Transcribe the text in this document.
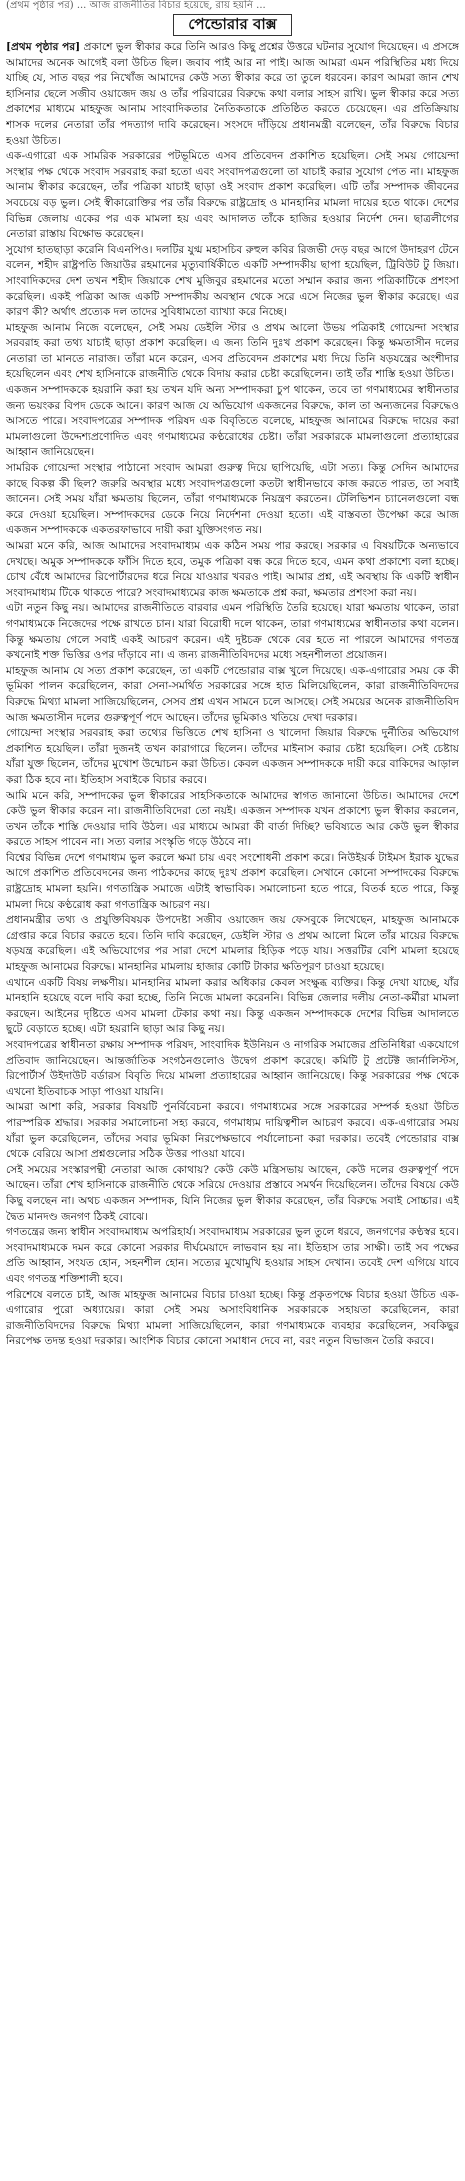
(প্রথম পৃষ্ঠার পর) ... আজ রাজনীতির বিচার হয়েছে, রায় হয়নি ...
পেন্ডোরার বাক্স

[প্রথম পৃষ্ঠার পর] প্রকাশে ভুল স্বীকার করে তিনি আরও কিছু প্রশ্নের উত্তরে ঘটনার সুযোগ দিয়েছেন। এ প্রসঙ্গে আমাদের অনেক আগেই বলা উচিত ছিল। জবাব পাই আর না পাই। আজ আমরা এমন পরিস্থিতির মধ্য দিয়ে যাচ্ছি যে, সাত বছর পর নিখোঁজ আমাদের কেউ সত্য স্বীকার করে তা তুলে ধরবেন। কারণ আমরা জান শেখ হাসিনার ছেলে সজীব ওয়াজেদ জয় ও তাঁর পরিবারের বিরুদ্ধে কথা বলার সাহস রাখি। ভুল স্বীকার করে সত্য প্রকাশের মাধ্যমে মাহফুজ আনাম সাংবাদিকতার নৈতিকতাকে প্রতিষ্ঠিত করতে চেয়েছেন। এর প্রতিক্রিয়ায় শাসক দলের নেতারা তাঁর পদত্যাগ দাবি করেছেন। সংসদে দাঁড়িয়ে প্রধানমন্ত্রী বলেছেন, তাঁর বিরুদ্ধে বিচার হওয়া উচিত।

এক-এগারো এক সামরিক সরকারের পটভূমিতে এসব প্রতিবেদন প্রকাশিত হয়েছিল। সেই সময় গোয়েন্দা সংস্থার পক্ষ থেকে সংবাদ সরবরাহ করা হতো এবং সংবাদপত্রগুলো তা যাচাই করার সুযোগ পেত না। মাহফুজ আনাম স্বীকার করেছেন, তাঁর পত্রিকা যাচাই ছাড়া ওই সংবাদ প্রকাশ করেছিল। এটি তাঁর সম্পাদক জীবনের সবচেয়ে বড় ভুল। সেই স্বীকারোক্তির পর তাঁর বিরুদ্ধে রাষ্ট্রদ্রোহ ও মানহানির মামলা দায়ের হতে থাকে। দেশের বিভিন্ন জেলায় একের পর এক মামলা হয় এবং আদালত তাঁকে হাজির হওয়ার নির্দেশ দেন। ছাত্রলীগের নেতারা রাস্তায় বিক্ষোভ করেছেন।

সুযোগ হাতছাড়া করেনি বিএনপিও। দলটির যুগ্ম মহাসচিব রুহুল কবির রিজভী দেড় বছর আগে উদাহরণ টেনে বলেন, শহীদ রাষ্ট্রপতি জিয়াউর রহমানের মৃত্যুবার্ষিকীতে একটি সম্পাদকীয় ছাপা হয়েছিল, ট্রিবিউট টু জিয়া। সাংবাদিকদের দেশ তখন শহীদ জিয়াকে শেখ মুজিবুর রহমানের মতো সম্মান করার জন্য পত্রিকাটিকে প্রশংসা করেছিল। একই পত্রিকা আজ একটি সম্পাদকীয় অবস্থান থেকে সরে এসে নিজের ভুল স্বীকার করেছে। এর কারণ কী? অর্থাৎ প্রত্যেক দল তাদের সুবিধামতো ব্যাখ্যা করে নিচ্ছে।

মাহফুজ আনাম নিজে বলেছেন, সেই সময় ডেইলি স্টার ও প্রথম আলো উভয় পত্রিকাই গোয়েন্দা সংস্থার সরবরাহ করা তথ্য যাচাই ছাড়া প্রকাশ করেছিল। এ জন্য তিনি দুঃখ প্রকাশ করেছেন। কিন্তু ক্ষমতাসীন দলের নেতারা তা মানতে নারাজ। তাঁরা মনে করেন, এসব প্রতিবেদন প্রকাশের মধ্য দিয়ে তিনি ষড়যন্ত্রের অংশীদার হয়েছিলেন এবং শেখ হাসিনাকে রাজনীতি থেকে বিদায় করার চেষ্টা করেছিলেন। তাই তাঁর শাস্তি হওয়া উচিত।

একজন সম্পাদককে হয়রানি করা হয় তখন যদি অন্য সম্পাদকরা চুপ থাকেন, তবে তা গণমাধ্যমের স্বাধীনতার জন্য ভয়ংকর বিপদ ডেকে আনে। কারণ আজ যে অভিযোগ একজনের বিরুদ্ধে, কাল তা অন্যজনের বিরুদ্ধেও আসতে পারে। সংবাদপত্রের সম্পাদক পরিষদ এক বিবৃতিতে বলেছে, মাহফুজ আনামের বিরুদ্ধে দায়ের করা মামলাগুলো উদ্দেশ্যপ্রণোদিত এবং গণমাধ্যমের কণ্ঠরোধের চেষ্টা। তাঁরা সরকারকে মামলাগুলো প্রত্যাহারের আহ্বান জানিয়েছেন।

সামরিক গোয়েন্দা সংস্থার পাঠানো সংবাদ আমরা গুরুত্ব দিয়ে ছাপিয়েছি, এটা সত্য। কিন্তু সেদিন আমাদের কাছে বিকল্প কী ছিল? জরুরি অবস্থার মধ্যে সংবাদপত্রগুলো কতটা স্বাধীনভাবে কাজ করতে পারত, তা সবাই জানেন। সেই সময় যাঁরা ক্ষমতায় ছিলেন, তাঁরা গণমাধ্যমকে নিয়ন্ত্রণ করতেন। টেলিভিশন চ্যানেলগুলো বন্ধ করে দেওয়া হয়েছিল। সম্পাদকদের ডেকে নিয়ে নির্দেশনা দেওয়া হতো। এই বাস্তবতা উপেক্ষা করে আজ একজন সম্পাদককে একতরফাভাবে দায়ী করা যুক্তিসংগত নয়।

আমরা মনে করি, আজ আমাদের সংবাদমাধ্যম এক কঠিন সময় পার করছে। সরকার এ বিষয়টিকে অন্যভাবে দেখছে। অমুক সম্পাদককে ফাঁসি দিতে হবে, তমুক পত্রিকা বন্ধ করে দিতে হবে, এমন কথা প্রকাশ্যে বলা হচ্ছে। চোখ বেঁধে আমাদের রিপোর্টারদের ধরে নিয়ে যাওয়ার খবরও পাই। আমার প্রশ্ন, এই অবস্থায় কি একটি স্বাধীন সংবাদমাধ্যম টিকে থাকতে পারে? সংবাদমাধ্যমের কাজ ক্ষমতাকে প্রশ্ন করা, ক্ষমতার প্রশংসা করা নয়।

এটা নতুন কিছু নয়। আমাদের রাজনীতিতে বারবার এমন পরিস্থিতি তৈরি হয়েছে। যারা ক্ষমতায় থাকেন, তারা গণমাধ্যমকে নিজেদের পক্ষে রাখতে চান। যারা বিরোধী দলে থাকেন, তারা গণমাধ্যমের স্বাধীনতার কথা বলেন। কিন্তু ক্ষমতায় গেলে সবাই একই আচরণ করেন। এই দুষ্টচক্র থেকে বের হতে না পারলে আমাদের গণতন্ত্র কখনোই শক্ত ভিত্তির ওপর দাঁড়াবে না। এ জন্য রাজনীতিবিদদের মধ্যে সহনশীলতা প্রয়োজন।

মাহফুজ আনাম যে সত্য প্রকাশ করেছেন, তা একটি পেন্ডোরার বাক্স খুলে দিয়েছে। এক-এগারোর সময় কে কী ভূমিকা পালন করেছিলেন, কারা সেনা-সমর্থিত সরকারের সঙ্গে হাত মিলিয়েছিলেন, কারা রাজনীতিবিদদের বিরুদ্ধে মিথ্যা মামলা সাজিয়েছিলেন, সেসব প্রশ্ন এখন সামনে চলে আসছে। সেই সময়ের অনেক রাজনীতিবিদ আজ ক্ষমতাসীন দলের গুরুত্বপূর্ণ পদে আছেন। তাঁদের ভূমিকাও খতিয়ে দেখা দরকার।

গোয়েন্দা সংস্থার সরবরাহ করা তথ্যের ভিত্তিতে শেখ হাসিনা ও খালেদা জিয়ার বিরুদ্ধে দুর্নীতির অভিযোগ প্রকাশিত হয়েছিল। তাঁরা দুজনই তখন কারাগারে ছিলেন। তাঁদের মাইনাস করার চেষ্টা হয়েছিল। সেই চেষ্টায় যাঁরা যুক্ত ছিলেন, তাঁদের মুখোশ উন্মোচন করা উচিত। কেবল একজন সম্পাদককে দায়ী করে বাকিদের আড়াল করা ঠিক হবে না। ইতিহাস সবাইকে বিচার করবে।

আমি মনে করি, সম্পাদকের ভুল স্বীকারের সাহসিকতাকে আমাদের স্বাগত জানানো উচিত। আমাদের দেশে কেউ ভুল স্বীকার করেন না। রাজনীতিবিদেরা তো নয়ই। একজন সম্পাদক যখন প্রকাশ্যে ভুল স্বীকার করলেন, তখন তাঁকে শাস্তি দেওয়ার দাবি উঠল। এর মাধ্যমে আমরা কী বার্তা দিচ্ছি? ভবিষ্যতে আর কেউ ভুল স্বীকার করতে সাহস পাবেন না। সত্য বলার সংস্কৃতি গড়ে উঠবে না।

বিশ্বের বিভিন্ন দেশে গণমাধ্যম ভুল করলে ক্ষমা চায় এবং সংশোধনী প্রকাশ করে। নিউইয়র্ক টাইমস ইরাক যুদ্ধের আগে প্রকাশিত প্রতিবেদনের জন্য পাঠকদের কাছে দুঃখ প্রকাশ করেছিল। সেখানে কোনো সম্পাদকের বিরুদ্ধে রাষ্ট্রদ্রোহ মামলা হয়নি। গণতান্ত্রিক সমাজে এটাই স্বাভাবিক। সমালোচনা হতে পারে, বিতর্ক হতে পারে, কিন্তু মামলা দিয়ে কণ্ঠরোধ করা গণতান্ত্রিক আচরণ নয়।

প্রধানমন্ত্রীর তথ্য ও প্রযুক্তিবিষয়ক উপদেষ্টা সজীব ওয়াজেদ জয় ফেসবুকে লিখেছেন, মাহফুজ আনামকে গ্রেপ্তার করে বিচার করতে হবে। তিনি দাবি করেছেন, ডেইলি স্টার ও প্রথম আলো মিলে তাঁর মায়ের বিরুদ্ধে ষড়যন্ত্র করেছিল। এই অভিযোগের পর সারা দেশে মামলার হিড়িক পড়ে যায়। সত্তরটির বেশি মামলা হয়েছে মাহফুজ আনামের বিরুদ্ধে। মানহানির মামলায় হাজার কোটি টাকার ক্ষতিপূরণ চাওয়া হয়েছে।

এখানে একটি বিষয় লক্ষণীয়। মানহানির মামলা করার অধিকার কেবল সংক্ষুব্ধ ব্যক্তির। কিন্তু দেখা যাচ্ছে, যাঁর মানহানি হয়েছে বলে দাবি করা হচ্ছে, তিনি নিজে মামলা করেননি। বিভিন্ন জেলার দলীয় নেতা-কর্মীরা মামলা করছেন। আইনের দৃষ্টিতে এসব মামলা টেকার কথা নয়। কিন্তু একজন সম্পাদককে দেশের বিভিন্ন আদালতে ছুটে বেড়াতে হচ্ছে। এটা হয়রানি ছাড়া আর কিছু নয়।

সংবাদপত্রের স্বাধীনতা রক্ষায় সম্পাদক পরিষদ, সাংবাদিক ইউনিয়ন ও নাগরিক সমাজের প্রতিনিধিরা একযোগে প্রতিবাদ জানিয়েছেন। আন্তর্জাতিক সংগঠনগুলোও উদ্বেগ প্রকাশ করেছে। কমিটি টু প্রটেক্ট জার্নালিস্টস, রিপোর্টার্স উইদাউট বর্ডারস বিবৃতি দিয়ে মামলা প্রত্যাহারের আহ্বান জানিয়েছে। কিন্তু সরকারের পক্ষ থেকে এখনো ইতিবাচক সাড়া পাওয়া যায়নি।

আমরা আশা করি, সরকার বিষয়টি পুনর্বিবেচনা করবে। গণমাধ্যমের সঙ্গে সরকারের সম্পর্ক হওয়া উচিত পারস্পরিক শ্রদ্ধার। সরকার সমালোচনা সহ্য করবে, গণমাধ্যম দায়িত্বশীল আচরণ করবে। এক-এগারোর সময় যাঁরা ভুল করেছিলেন, তাঁদের সবার ভূমিকা নিরপেক্ষভাবে পর্যালোচনা করা দরকার। তবেই পেন্ডোরার বাক্স থেকে বেরিয়ে আসা প্রশ্নগুলোর সঠিক উত্তর পাওয়া যাবে।

সেই সময়ের সংস্কারপন্থী নেতারা আজ কোথায়? কেউ কেউ মন্ত্রিসভায় আছেন, কেউ দলের গুরুত্বপূর্ণ পদে আছেন। তাঁরা শেখ হাসিনাকে রাজনীতি থেকে সরিয়ে দেওয়ার প্রস্তাবে সমর্থন দিয়েছিলেন। তাঁদের বিষয়ে কেউ কিছু বলছেন না। অথচ একজন সম্পাদক, যিনি নিজের ভুল স্বীকার করেছেন, তাঁর বিরুদ্ধে সবাই সোচ্চার। এই দ্বৈত মানদণ্ড জনগণ ঠিকই বোঝে।

গণতন্ত্রের জন্য স্বাধীন সংবাদমাধ্যম অপরিহার্য। সংবাদমাধ্যম সরকারের ভুল তুলে ধরবে, জনগণের কণ্ঠস্বর হবে। সংবাদমাধ্যমকে দমন করে কোনো সরকার দীর্ঘমেয়াদে লাভবান হয় না। ইতিহাস তার সাক্ষী। তাই সব পক্ষের প্রতি আহ্বান, সংযত হোন, সহনশীল হোন। সত্যের মুখোমুখি হওয়ার সাহস দেখান। তবেই দেশ এগিয়ে যাবে এবং গণতন্ত্র শক্তিশালী হবে।

পরিশেষে বলতে চাই, আজ মাহফুজ আনামের বিচার চাওয়া হচ্ছে। কিন্তু প্রকৃতপক্ষে বিচার হওয়া উচিত এক-এগারোর পুরো অধ্যায়ের। কারা সেই সময় অসাংবিধানিক সরকারকে সহায়তা করেছিলেন, কারা রাজনীতিবিদদের বিরুদ্ধে মিথ্যা মামলা সাজিয়েছিলেন, কারা গণমাধ্যমকে ব্যবহার করেছিলেন, সবকিছুর নিরপেক্ষ তদন্ত হওয়া দরকার। আংশিক বিচার কোনো সমাধান দেবে না, বরং নতুন বিভাজন তৈরি করবে।
